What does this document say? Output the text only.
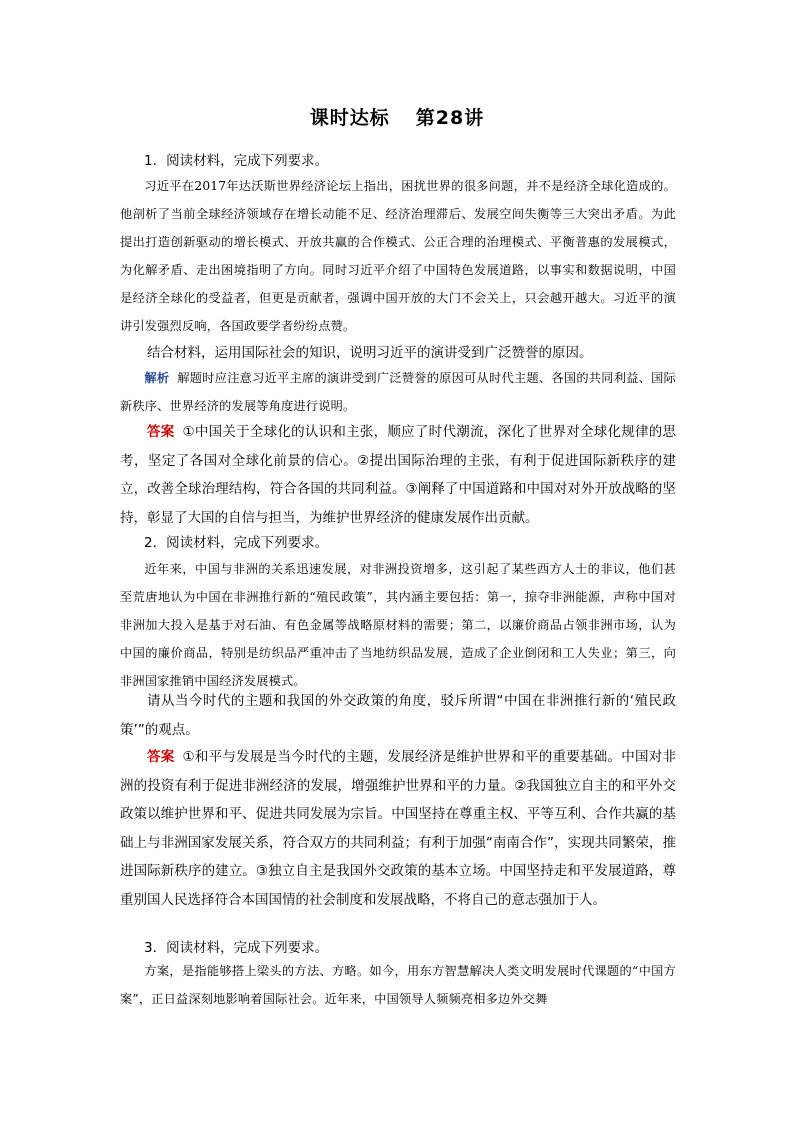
课时达标 第28讲

1．阅读材料，完成下列要求。

习近平在2017年达沃斯世界经济论坛上指出，困扰世界的很多问题，并不是经济全球化造成的。他剖析了当前全球经济领域存在增长动能不足、经济治理滞后、发展空间失衡等三大突出矛盾。为此提出打造创新驱动的增长模式、开放共赢的合作模式、公正合理的治理模式、平衡普惠的发展模式，为化解矛盾、走出困境指明了方向。同时习近平介绍了中国特色发展道路，以事实和数据说明，中国是经济全球化的受益者，但更是贡献者，强调中国开放的大门不会关上，只会越开越大。习近平的演讲引发强烈反响，各国政要学者纷纷点赞。

结合材料，运用国际社会的知识，说明习近平的演讲受到广泛赞誉的原因。

解析 解题时应注意习近平主席的演讲受到广泛赞誉的原因可从时代主题、各国的共同利益、国际新秩序、世界经济的发展等角度进行说明。

答案 ①中国关于全球化的认识和主张，顺应了时代潮流，深化了世界对全球化规律的思考，坚定了各国对全球化前景的信心。②提出国际治理的主张，有利于促进国际新秩序的建立，改善全球治理结构，符合各国的共同利益。③阐释了中国道路和中国对对外开放战略的坚持，彰显了大国的自信与担当，为维护世界经济的健康发展作出贡献。

2．阅读材料，完成下列要求。

近年来，中国与非洲的关系迅速发展，对非洲投资增多，这引起了某些西方人士的非议，他们甚至荒唐地认为中国在非洲推行新的“殖民政策”，其内涵主要包括：第一，掠夺非洲能源，声称中国对非洲加大投入是基于对石油、有色金属等战略原材料的需要；第二，以廉价商品占领非洲市场，认为中国的廉价商品，特别是纺织品严重冲击了当地纺织品发展，造成了企业倒闭和工人失业；第三，向非洲国家推销中国经济发展模式。

请从当今时代的主题和我国的外交政策的角度，驳斥所谓“中国在非洲推行新的‘殖民政策’”的观点。

答案 ①和平与发展是当今时代的主题，发展经济是维护世界和平的重要基础。中国对非洲的投资有利于促进非洲经济的发展，增强维护世界和平的力量。②我国独立自主的和平外交政策以维护世界和平、促进共同发展为宗旨。中国坚持在尊重主权、平等互利、合作共赢的基础上与非洲国家发展关系，符合双方的共同利益；有利于加强“南南合作”，实现共同繁荣，推进国际新秩序的建立。③独立自主是我国外交政策的基本立场。中国坚持走和平发展道路，尊重别国人民选择符合本国国情的社会制度和发展战略，不将自己的意志强加于人。

3．阅读材料，完成下列要求。

方案，是指能够搭上梁头的方法、方略。如今，用东方智慧解决人类文明发展时代课题的“中国方案”，正日益深刻地影响着国际社会。近年来，中国领导人频频亮相多边外交舞
